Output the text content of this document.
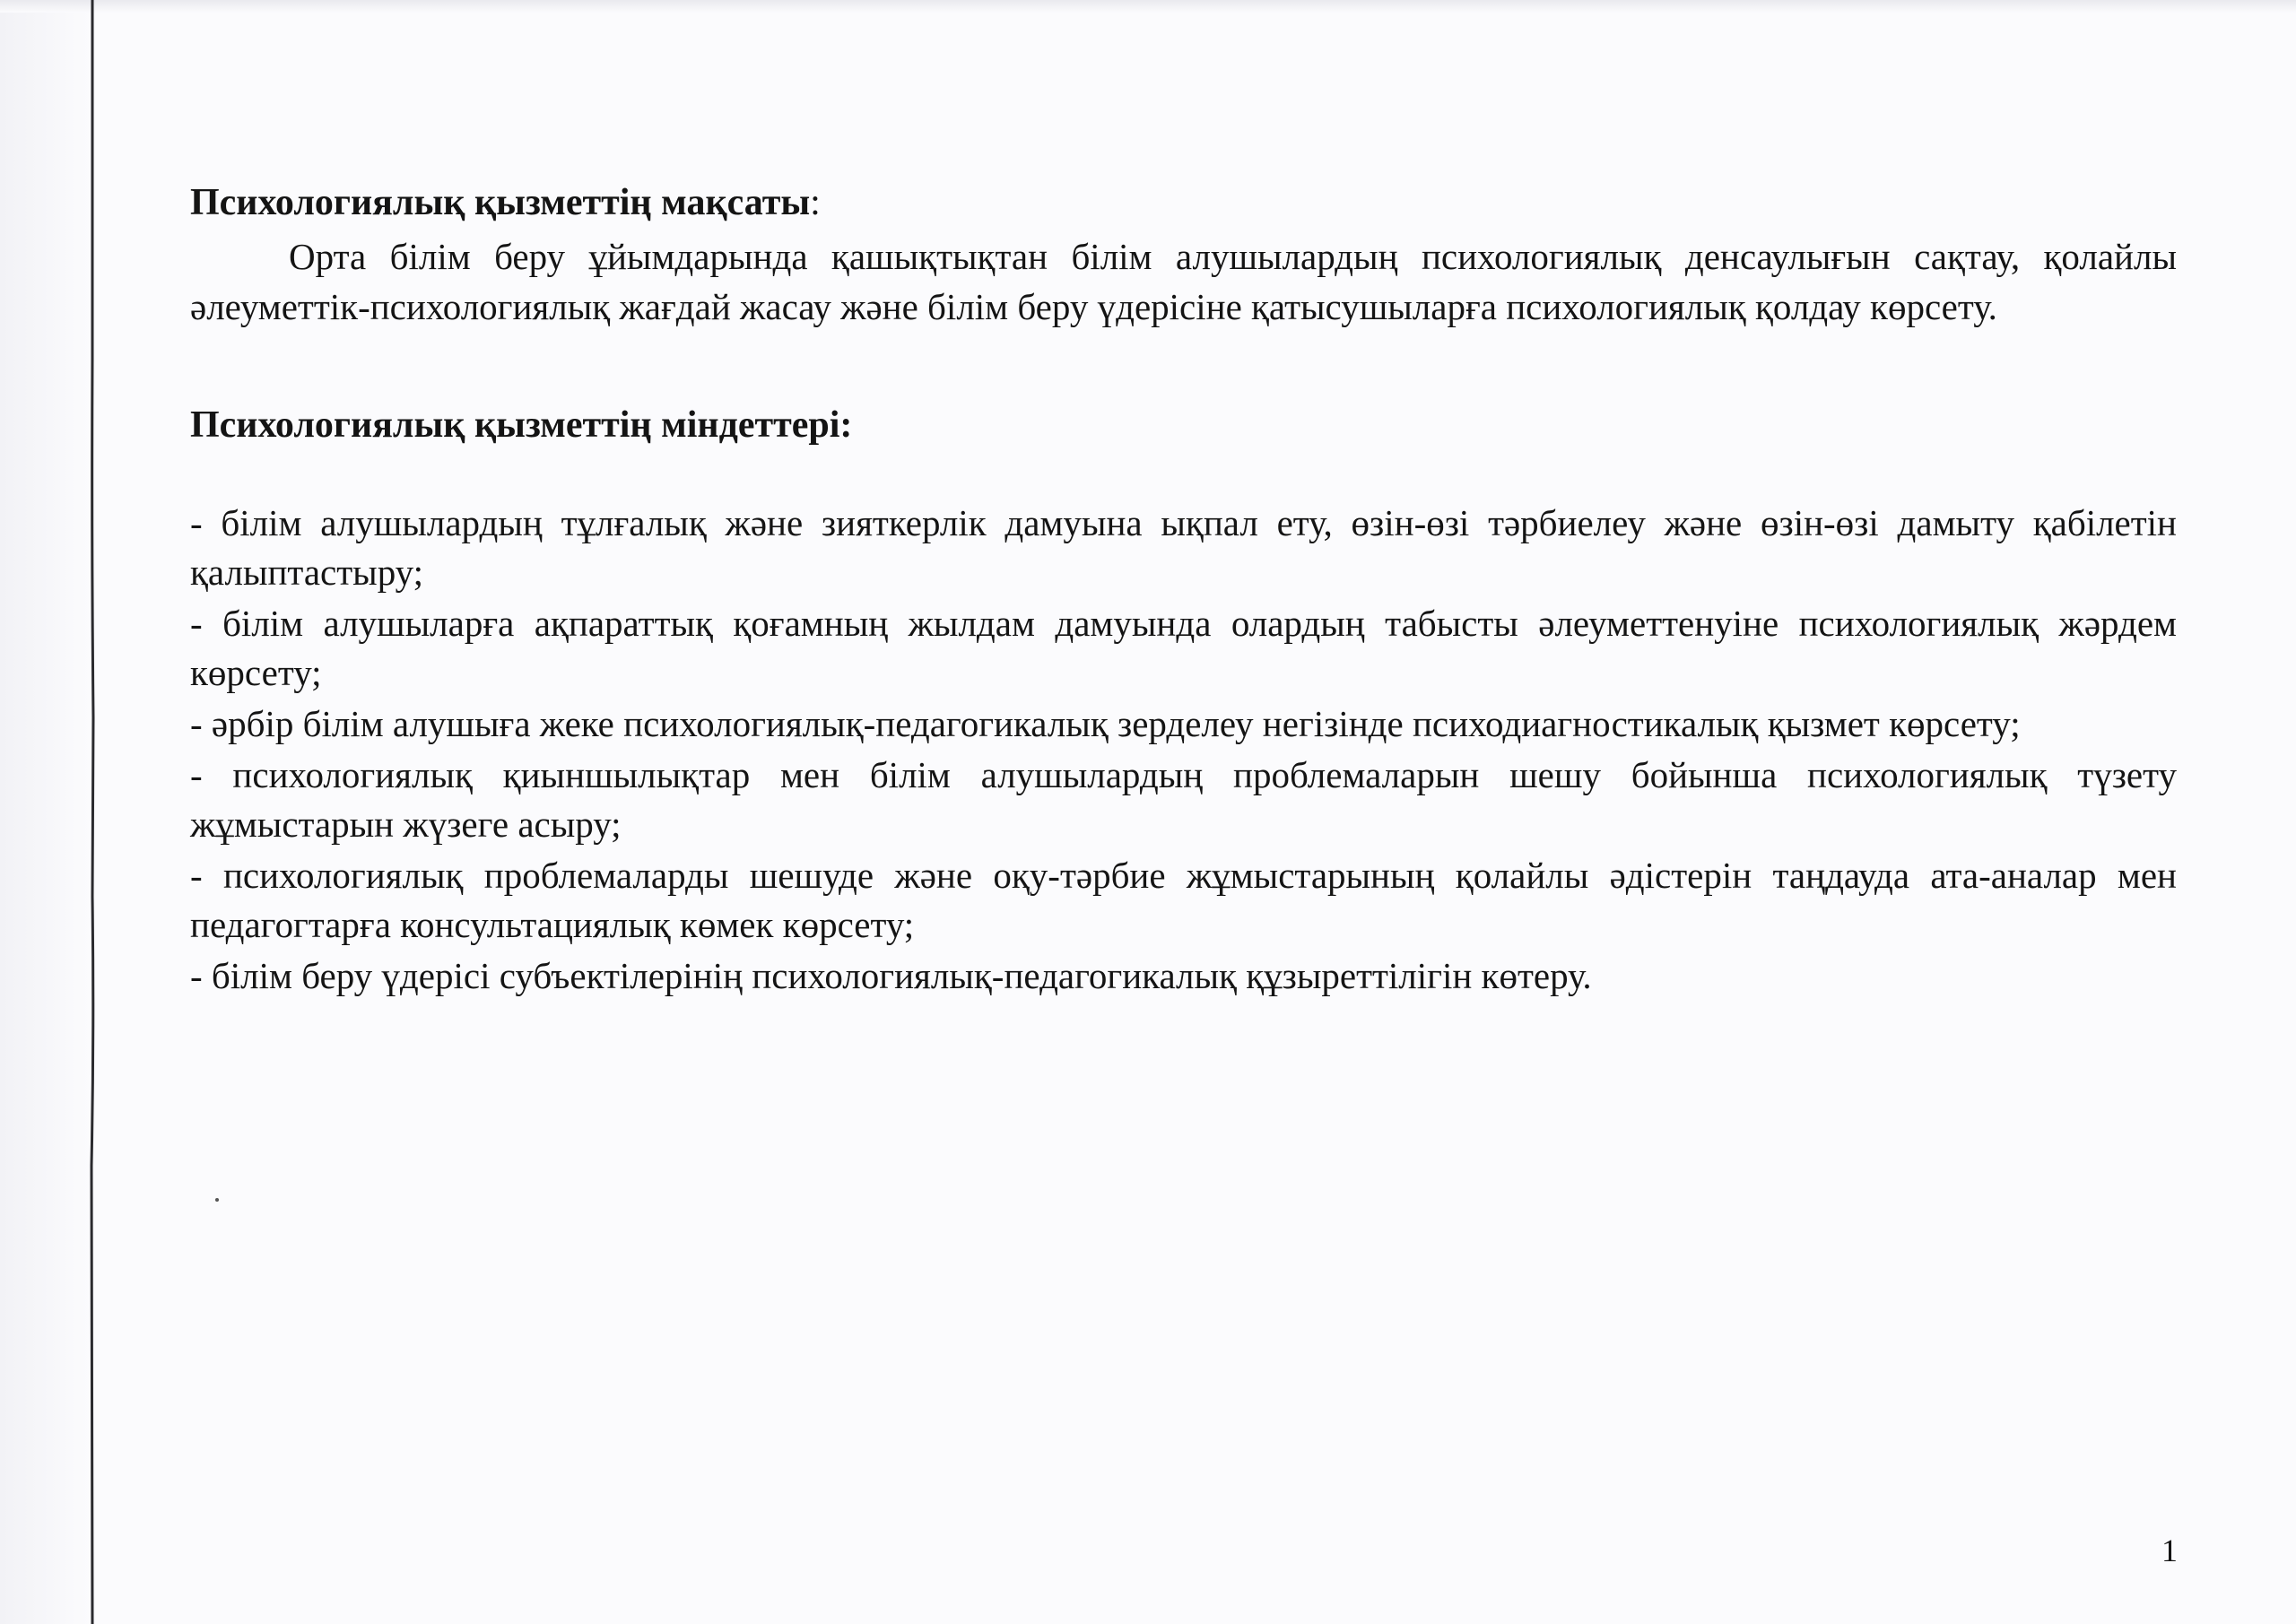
Психологиялық қызметтің мақсаты:

Орта білім беру ұйымдарында қашықтықтан білім алушылардың психологиялық денсаулығын сақтау, қолайлы әлеуметтік-психологиялық жағдай жасау және білім беру үдерісіне қатысушыларға психологиялық қолдау көрсету.

Психологиялық қызметтің міндеттері:
- білім алушылардың тұлғалық және зияткерлік дамуына ықпал ету, өзін-өзі тәрбиелеу және өзін-өзі дамыту қабілетін қалыптастыру;
- білім алушыларға ақпараттық қоғамның жылдам дамуында олардың табысты әлеуметтенуіне психологиялық жәрдем көрсету;
- әрбір білім алушыға жеке психологиялық-педагогикалық зерделеу негізінде психодиагностикалық қызмет көрсету;
- психологиялық қиыншылықтар мен білім алушылардың проблемаларын шешу бойынша психологиялық түзету жұмыстарын жүзеге асыру;
- психологиялық проблемаларды шешуде және оқу-тәрбие жұмыстарының қолайлы әдістерін таңдауда ата-аналар мен педагогтарға консультациялық көмек көрсету;
- білім беру үдерісі субъектілерінің психологиялық-педагогикалық құзыреттілігін көтеру.
1
